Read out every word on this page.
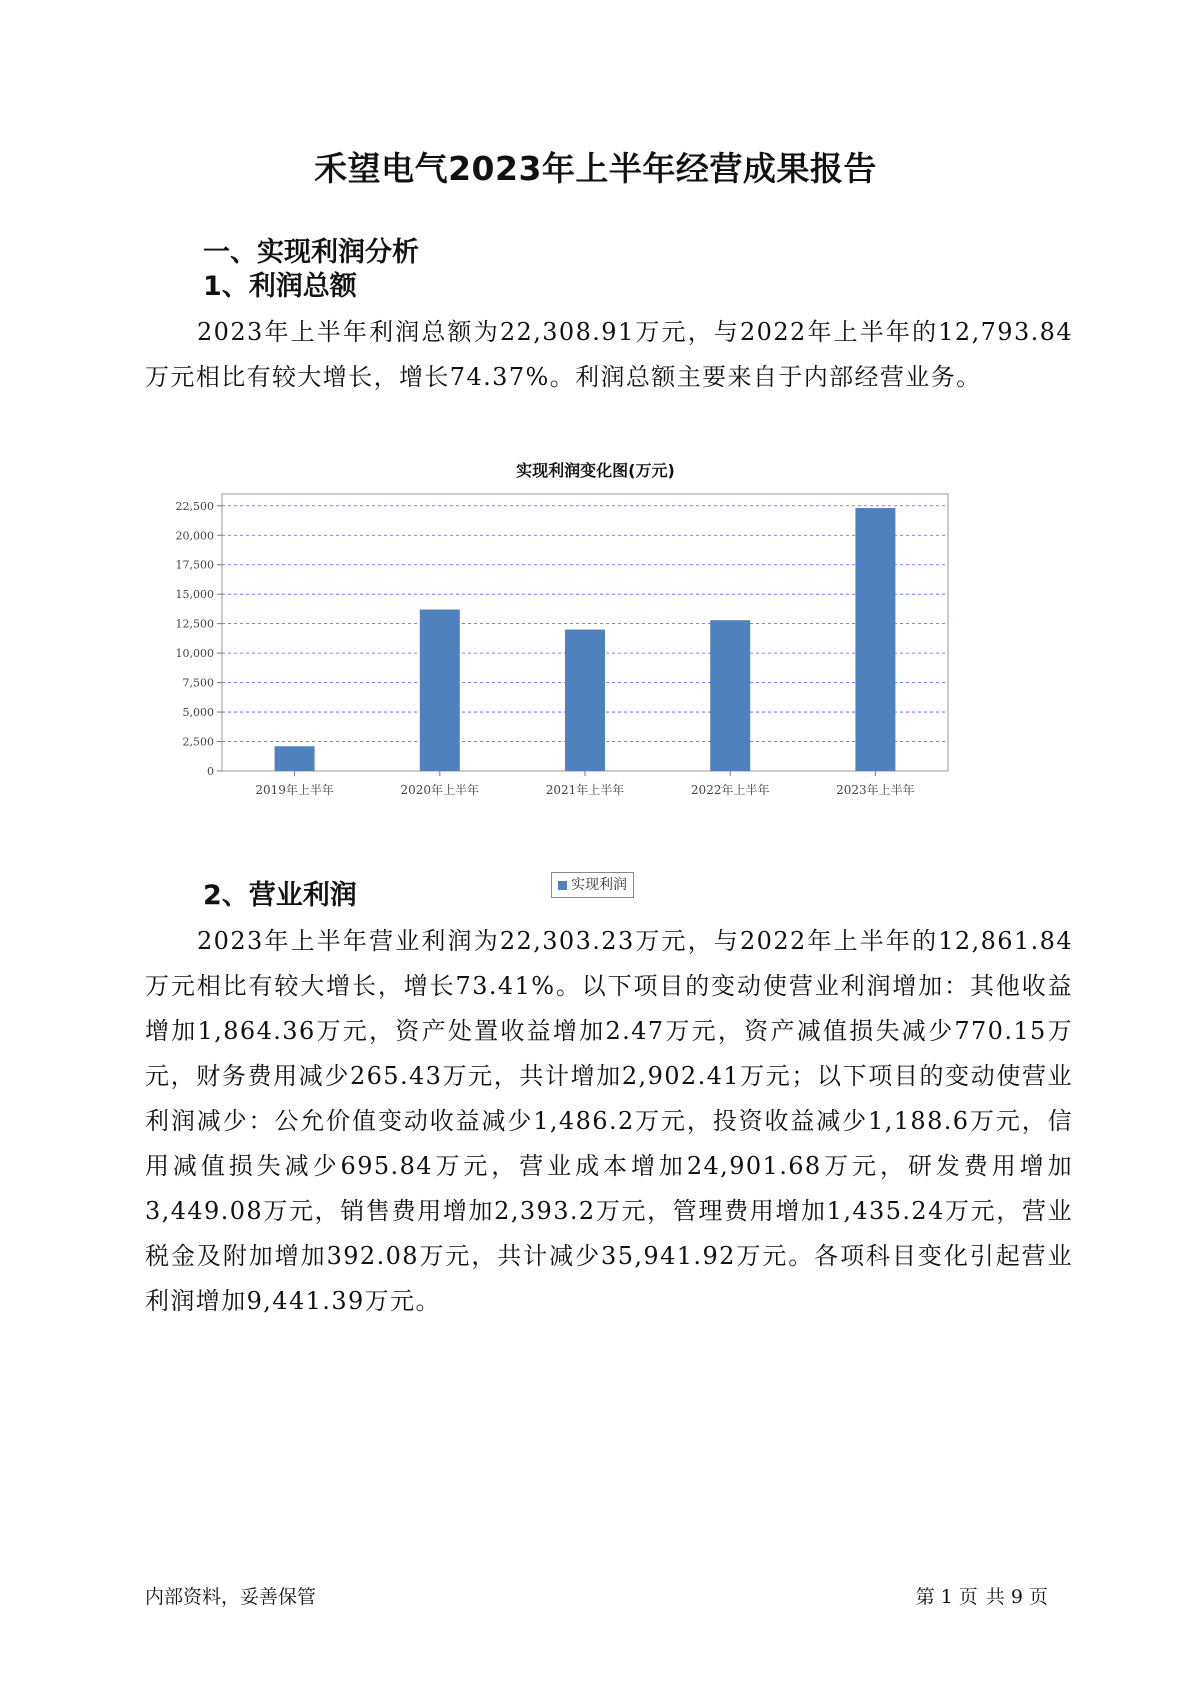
禾望电气2023年上半年经营成果报告
一、实现利润分析
1、利润总额
2023年上半年利润总额为22,308.91万元，与2022年上半年的12,793.84万元相比有较大增长，增长74.37%。利润总额主要来自于内部经营业务。
实现利润变化图(万元)
0
2,500
5,000
7,500
10,000
12,500
15,000
17,500
20,000
22,500
2019年上半年	2020年上半年	2021年上半年	2022年上半年	2023年上半年
实现利润
2、营业利润
2023年上半年营业利润为22,303.23万元，与2022年上半年的12,861.84万元相比有较大增长，增长73.41%。以下项目的变动使营业利润增加：其他收益增加1,864.36万元，资产处置收益增加2.47万元，资产减值损失减少770.15万元，财务费用减少265.43万元，共计增加2,902.41万元；以下项目的变动使营业利润减少：公允价值变动收益减少1,486.2万元，投资收益减少1,188.6万元，信用减值损失减少695.84万元，营业成本增加24,901.68万元，研发费用增加3,449.08万元，销售费用增加2,393.2万元，管理费用增加1,435.24万元，营业税金及附加增加392.08万元，共计减少35,941.92万元。各项科目变化引起营业利润增加9,441.39万元。
内部资料，妥善保管	第 1 页 共 9 页
